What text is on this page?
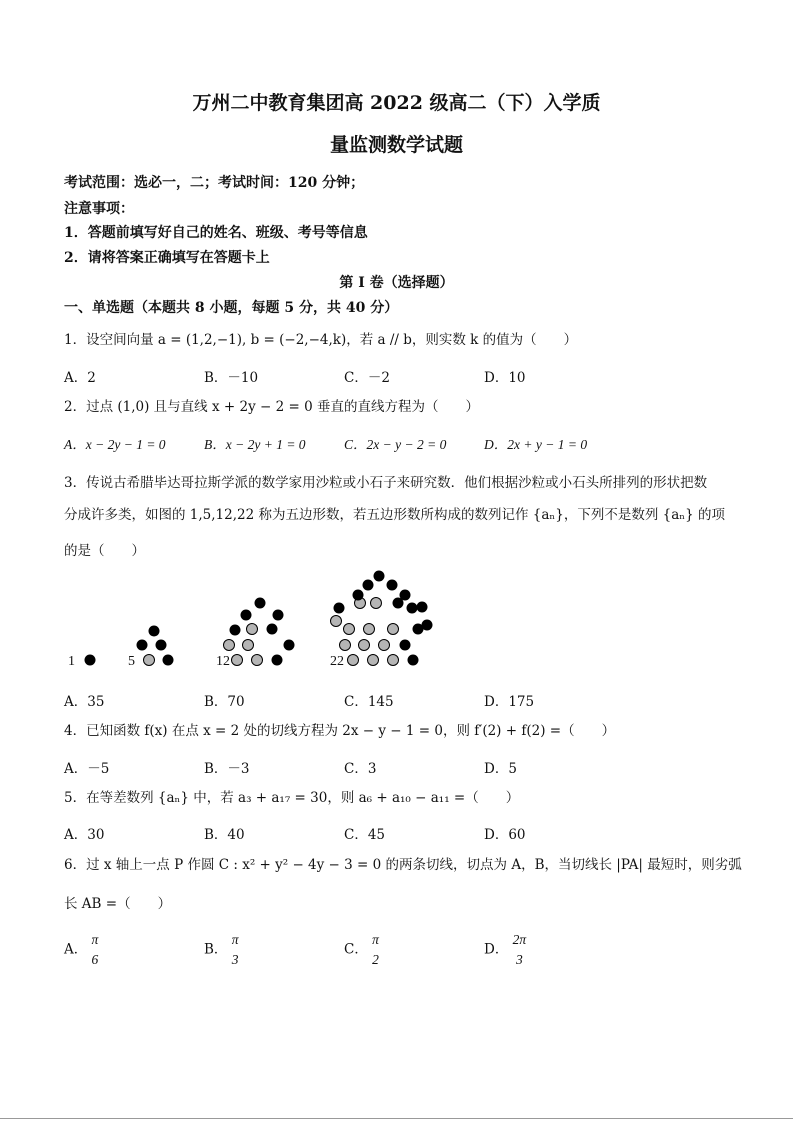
万州二中教育集团高 2022 级高二（下）入学质
量监测数学试题
考试范围：选必一，二；考试时间：120 分钟；
注意事项：
1．答题前填写好自己的姓名、班级、考号等信息
2．请将答案正确填写在答题卡上
第 I 卷（选择题）
一、单选题（本题共 8 小题，每题 5 分，共 40 分）
1．设空间向量 a = (1,2,−1), b = (−2,−4,k)，若 a // b，则实数 k 的值为（　　）
A．2	B．－10	C．－2	D．10
2．过点 (1,0) 且与直线 x + 2y − 2 = 0 垂直的直线方程为（　　）
A．x − 2y − 1 = 0	B．x − 2y + 1 = 0	C．2x − y − 2 = 0	D．2x + y − 1 = 0
3．传说古希腊毕达哥拉斯学派的数学家用沙粒或小石子来研究数．他们根据沙粒或小石头所排列的形状把数
分成许多类，如图的 1,5,12,22 称为五边形数，若五边形数所构成的数列记作 {aₙ}，下列不是数列 {aₙ} 的项
的是（　　）
1	5	12	22
A．35	B．70	C．145	D．175
4．已知函数 f(x) 在点 x = 2 处的切线方程为 2x − y − 1 = 0，则 f′(2) + f(2) =（　　）
A．－5	B．－3	C．3	D．5
5．在等差数列 {aₙ} 中，若 a₃ + a₁₇ = 30，则 a₆ + a₁₀ − a₁₁ =（　　）
A．30	B．40	C．45	D．60
6．过 x 轴上一点 P 作圆 C : x² + y² − 4y − 3 = 0 的两条切线，切点为 A，B，当切线长 |PA| 最短时，则劣弧
长 AB =（　　）
A．
π
6
B．
π
3
C．
π
2
D．
2π
3
